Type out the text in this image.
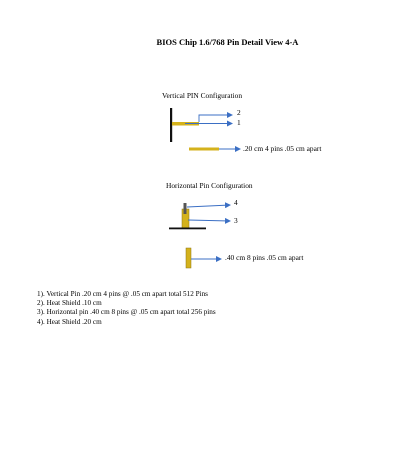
BIOS Chip 1.6/768 Pin Detail View 4-A
Vertical PIN Configuration
2
1
.20 cm 4 pins .05 cm apart
Horizontal Pin Configuration
4
3
.40 cm 8 pins .05 cm apart
1). Vertical Pin .20 cm 4 pins @ .05 cm apart total 512 Pins
2). Heat Shield .10 cm
3). Horizontal pin .40 cm 8 pins @ .05 cm apart total 256 pins
4). Heat Shield .20 cm
